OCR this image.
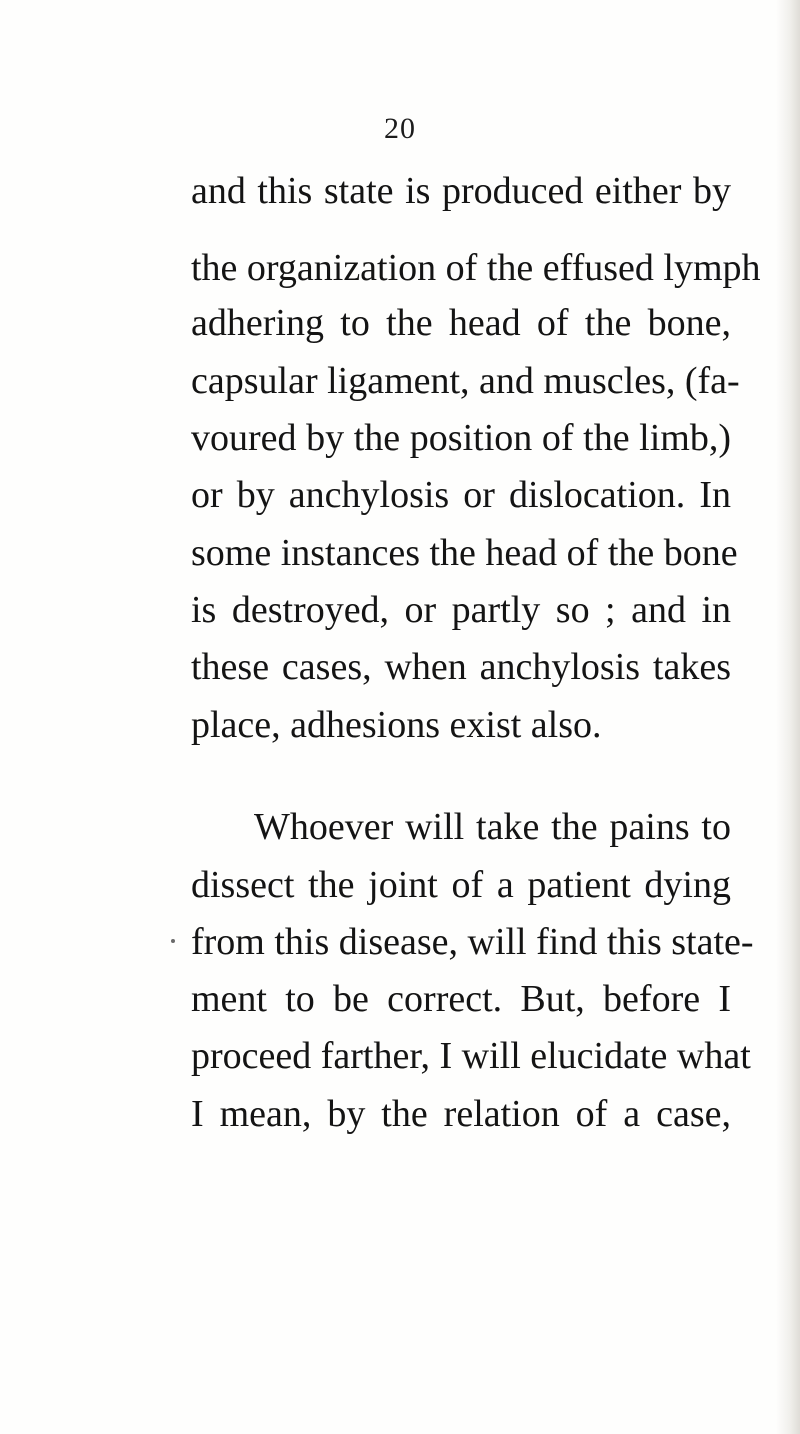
20
and this state is produced either by
the organization of the effused lymph
adhering to the head of the bone,
capsular ligament, and muscles, (fa-
voured by the position of the limb,)
or by anchylosis or dislocation. In
some instances the head of the bone
is destroyed, or partly so ; and in
these cases, when anchylosis takes
place, adhesions exist also.
Whoever will take the pains to
dissect the joint of a patient dying
from this disease, will find this state-
ment to be correct. But, before I
proceed farther, I will elucidate what
I mean, by the relation of a case,
